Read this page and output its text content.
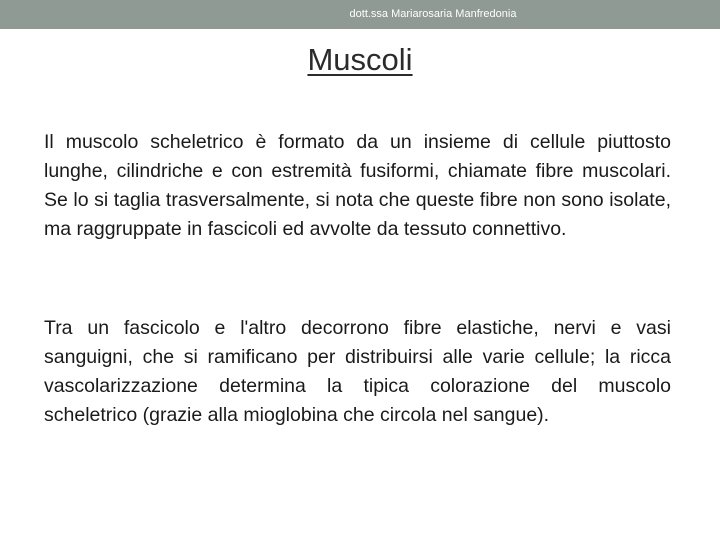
dott.ssa Mariarosaria Manfredonia
Muscoli

Il muscolo scheletrico è formato da un insieme di cellule piuttosto lunghe, cilindriche e con estremità fusiformi, chiamate fibre muscolari. Se lo si taglia trasversalmente, si nota che queste fibre non sono isolate, ma raggruppate in fascicoli ed avvolte da tessuto connettivo.

Tra un fascicolo e l'altro decorrono fibre elastiche, nervi e vasi sanguigni, che si ramificano per distribuirsi alle varie cellule; la ricca vascolarizzazione determina la tipica colorazione del muscolo scheletrico (grazie alla mioglobina che circola nel sangue).
